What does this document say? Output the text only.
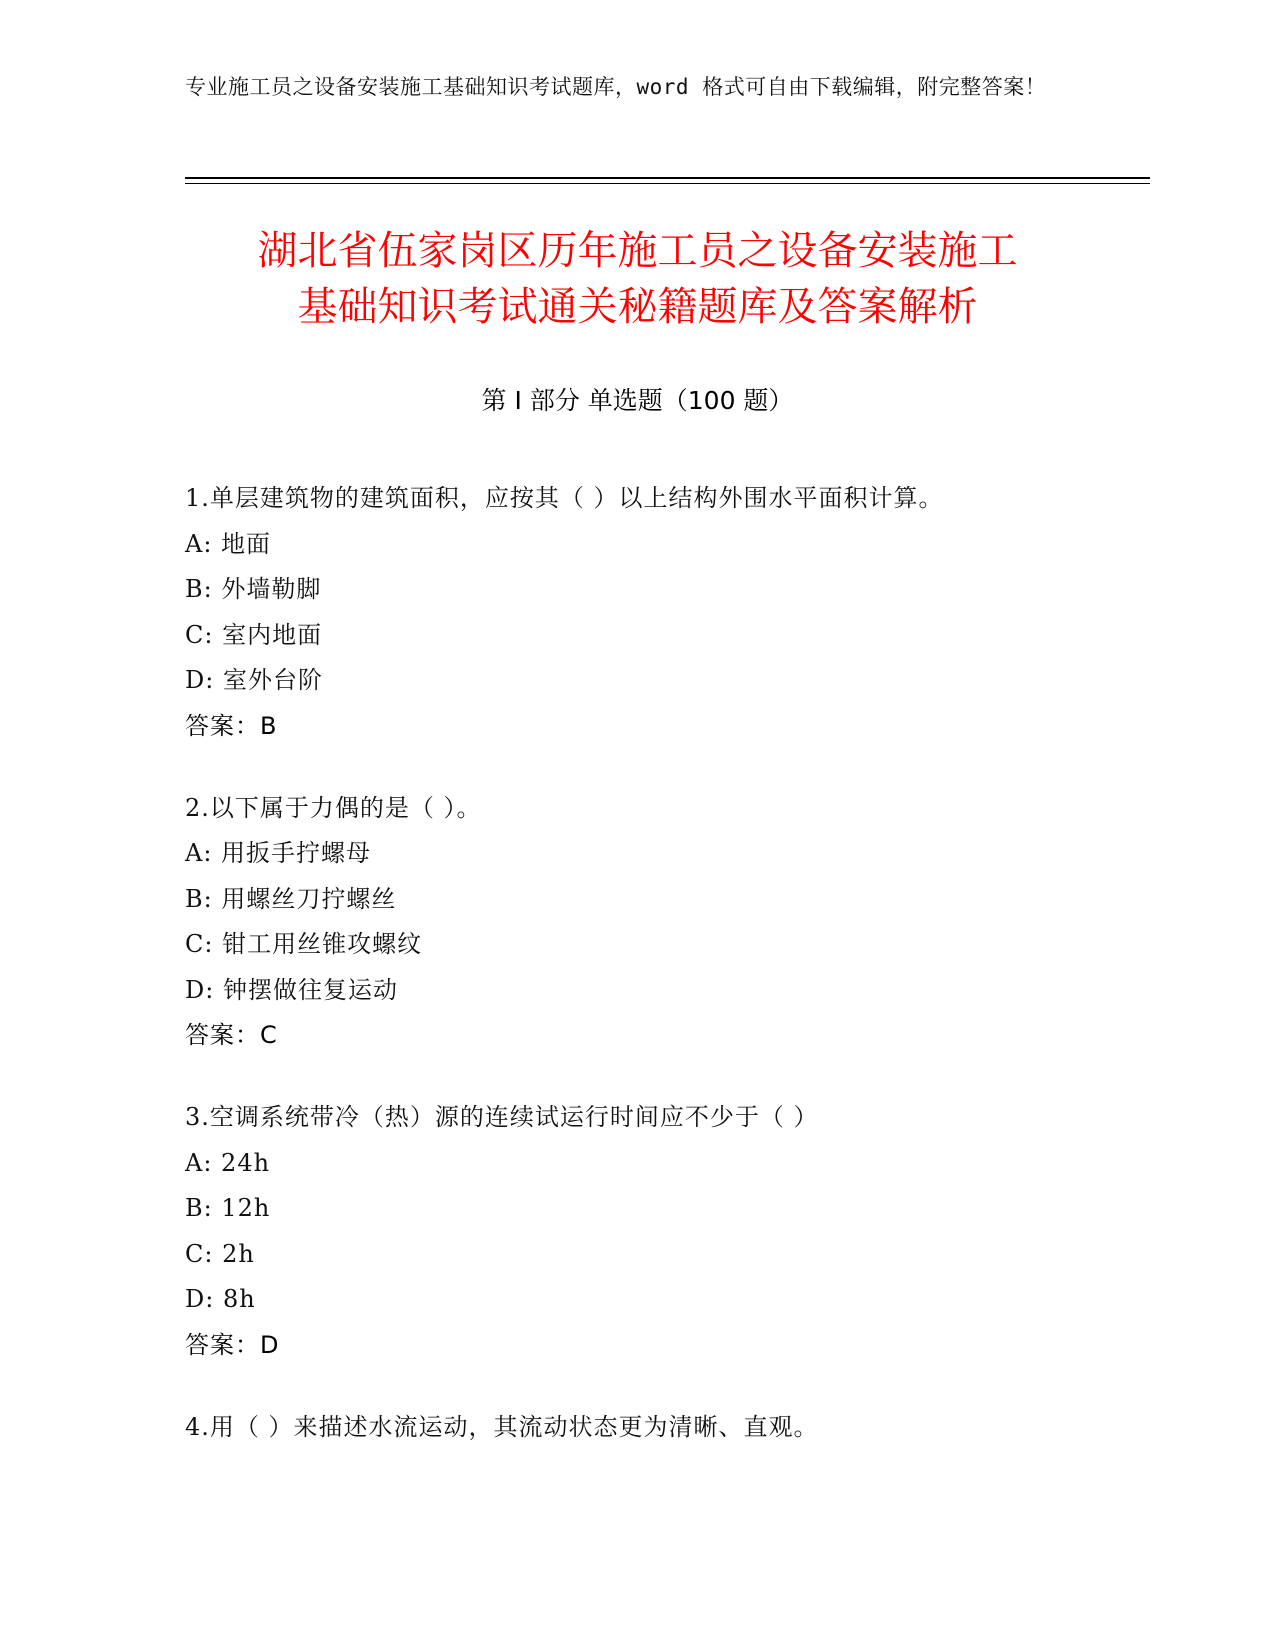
专业施工员之设备安装施工基础知识考试题库，word 格式可自由下载编辑，附完整答案！
湖北省伍家岗区历年施工员之设备安装施工
基础知识考试通关秘籍题库及答案解析
第 I 部分 单选题（100 题）
1.单层建筑物的建筑面积，应按其（ ）以上结构外围水平面积计算。
A: 地面
B: 外墙勒脚
C: 室内地面
D: 室外台阶
答案：B
2.以下属于力偶的是（ ）。
A: 用扳手拧螺母
B: 用螺丝刀拧螺丝
C: 钳工用丝锥攻螺纹
D: 钟摆做往复运动
答案：C
3.空调系统带冷（热）源的连续试运行时间应不少于（ ）
A: 24h
B: 12h
C: 2h
D: 8h
答案：D
4.用（ ）来描述水流运动，其流动状态更为清晰、直观。
